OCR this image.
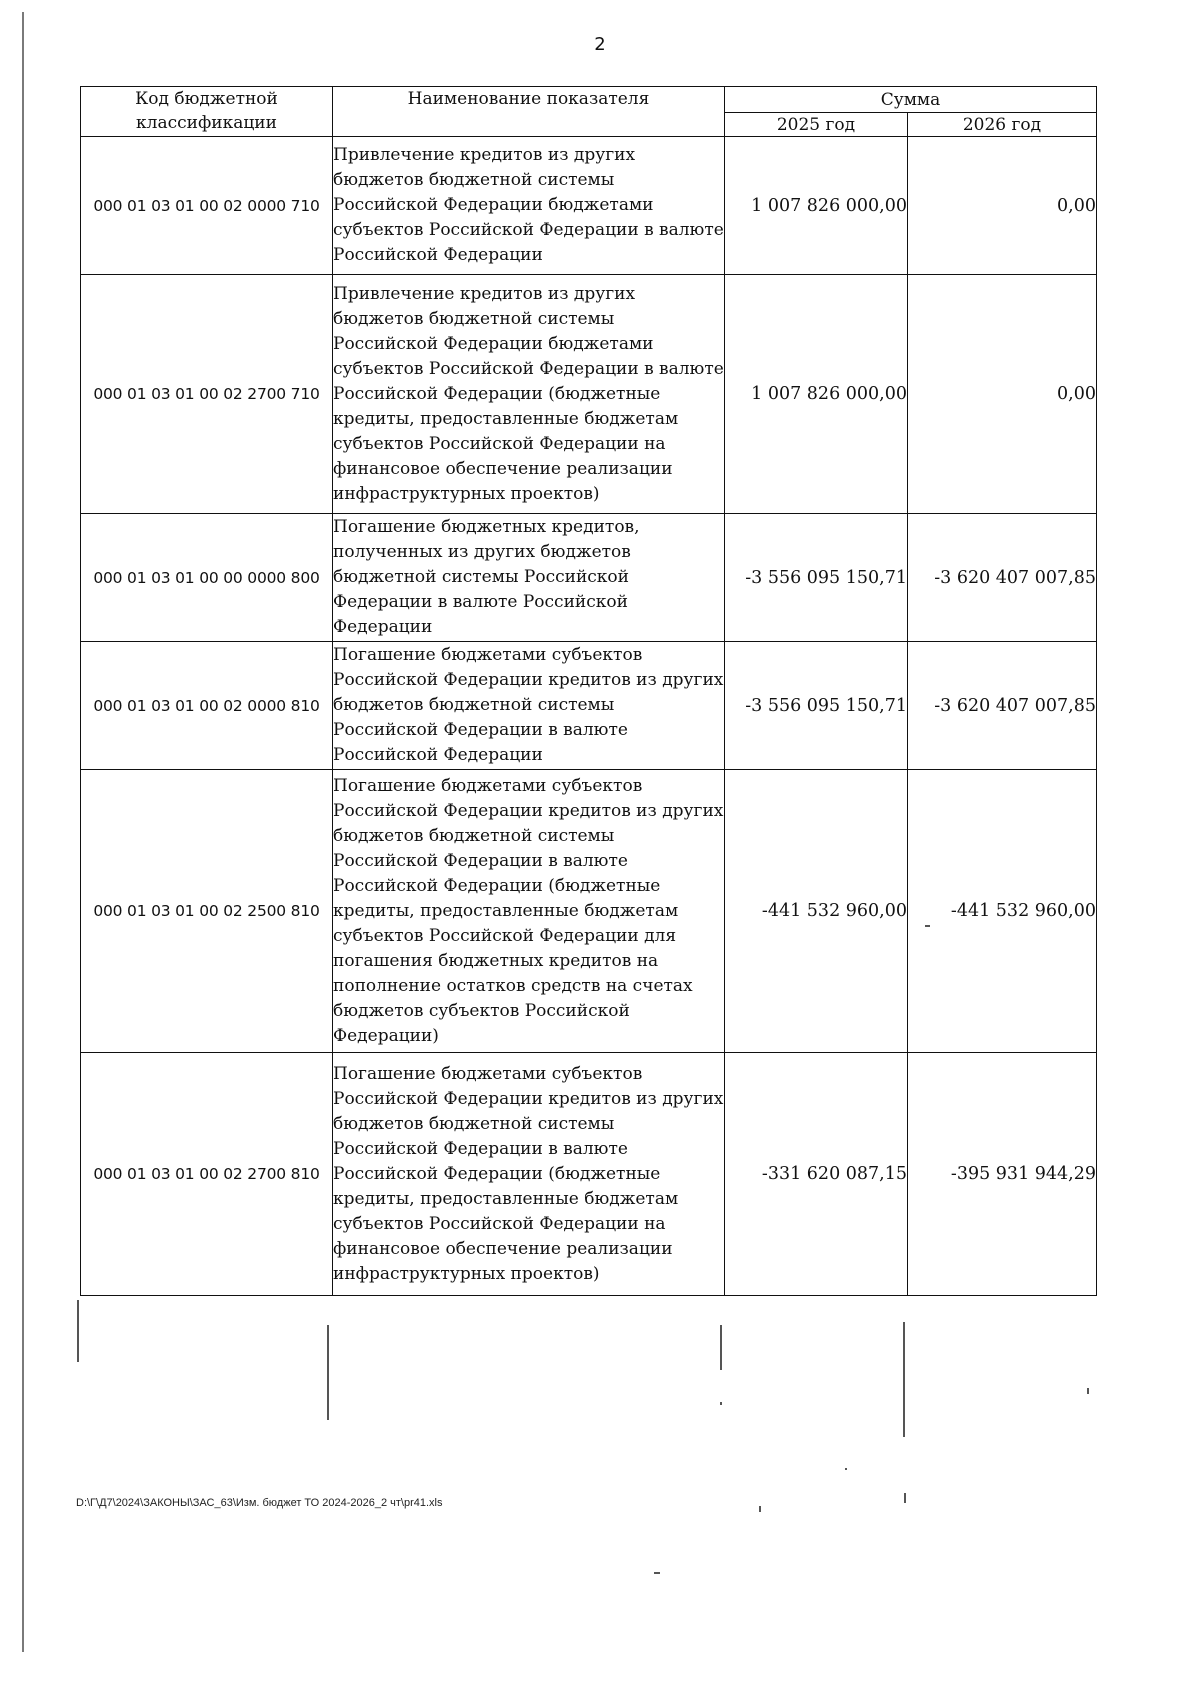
2
Код бюджетной классификации	Наименование показателя	Сумма	
		2025 год	2026 год
000 01 03 01 00 02 0000 710	Привлечение кредитов из других бюджетов бюджетной системы Российской Федерации бюджетами субъектов Российской Федерации в валюте Российской Федерации	1 007 826 000,00	0,00
000 01 03 01 00 02 2700 710	Привлечение кредитов из других бюджетов бюджетной системы Российской Федерации бюджетами субъектов Российской Федерации в валюте Российской Федерации (бюджетные кредиты, предоставленные бюджетам субъектов Российской Федерации на финансовое обеспечение реализации инфраструктурных проектов)	1 007 826 000,00	0,00
000 01 03 01 00 00 0000 800	Погашение бюджетных кредитов, полученных из других бюджетов бюджетной системы Российской Федерации в валюте Российской Федерации	-3 556 095 150,71	-3 620 407 007,85
000 01 03 01 00 02 0000 810	Погашение бюджетами субъектов Российской Федерации кредитов из других бюджетов бюджетной системы Российской Федерации в валюте Российской Федерации	-3 556 095 150,71	-3 620 407 007,85
000 01 03 01 00 02 2500 810	Погашение бюджетами субъектов Российской Федерации кредитов из других бюджетов бюджетной системы Российской Федерации в валюте Российской Федерации (бюджетные кредиты, предоставленные бюджетам субъектов Российской Федерации для погашения бюджетных кредитов на пополнение остатков средств на счетах бюджетов субъектов Российской Федерации)	-441 532 960,00	-441 532 960,00
000 01 03 01 00 02 2700 810	Погашение бюджетами субъектов Российской Федерации кредитов из других бюджетов бюджетной системы Российской Федерации в валюте Российской Федерации (бюджетные кредиты, предоставленные бюджетам субъектов Российской Федерации на финансовое обеспечение реализации инфраструктурных проектов)	-331 620 087,15	-395 931 944,29
D:\Г\Д7\2024\ЗАКОНЫ\ЗАС_63\Изм. бюджет ТО 2024-2026_2 чт\pr41.xls
